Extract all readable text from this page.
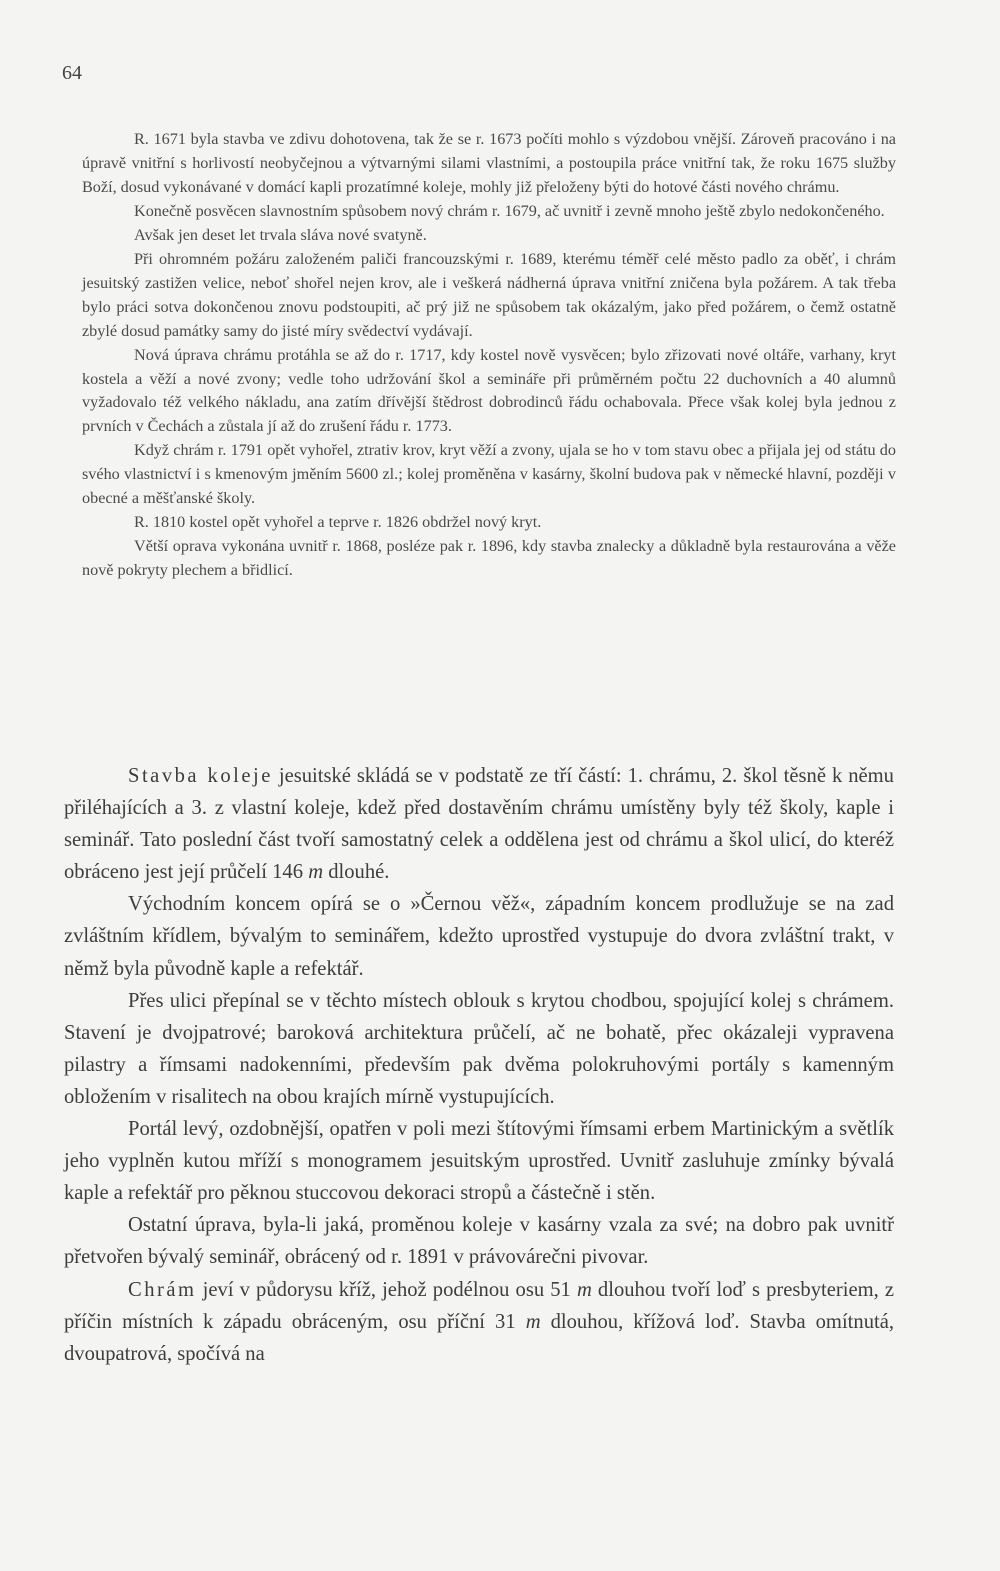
64

R. 1671 byla stavba ve zdivu dohotovena, tak že se r. 1673 počíti mohlo s výzdobou vnější. Zároveň pracováno i na úpravě vnitřní s horlivostí neobyčejnou a výtvarnými silami vlastními, a postoupila práce vnitřní tak, že roku 1675 služby Boží, dosud vykonávané v domácí kapli prozatímné koleje, mohly již přeloženy býti do hotové části nového chrámu.

Konečně posvěcen slavnostním spůsobem nový chrám r. 1679, ač uvnitř i zevně mnoho ještě zbylo nedokončeného.

Avšak jen deset let trvala sláva nové svatyně.

Při ohromném požáru založeném paliči francouzskými r. 1689, kterému téměř celé město padlo za oběť, i chrám jesuitský zastižen velice, neboť shořel nejen krov, ale i veškerá nádherná úprava vnitřní zničena byla požárem. A tak třeba bylo práci sotva dokončenou znovu podstoupiti, ač prý již ne spůsobem tak okázalým, jako před požárem, o čemž ostatně zbylé dosud památky samy do jisté míry svědectví vydávají.

Nová úprava chrámu protáhla se až do r. 1717, kdy kostel nově vysvěcen; bylo zřizovati nové oltáře, varhany, kryt kostela a věží a nové zvony; vedle toho udržování škol a semináře při průměrném počtu 22 duchovních a 40 alumnů vyžadovalo též velkého nákladu, ana zatím dřívější štědrost dobrodinců řádu ochabovala. Přece však kolej byla jednou z prvních v Čechách a zůstala jí až do zrušení řádu r. 1773.

Když chrám r. 1791 opět vyhořel, ztrativ krov, kryt věží a zvony, ujala se ho v tom stavu obec a přijala jej od státu do svého vlastnictví i s kmenovým jměním 5600 zl.; kolej proměněna v kasárny, školní budova pak v německé hlavní, později v obecné a měšťanské školy.

R. 1810 kostel opět vyhořel a teprve r. 1826 obdržel nový kryt.

Větší oprava vykonána uvnitř r. 1868, posléze pak r. 1896, kdy stavba znalecky a důkladně byla restaurována a věže nově pokryty plechem a břidlicí.

Stavba koleje jesuitské skládá se v podstatě ze tří částí: 1. chrámu, 2. škol těsně k němu přiléhajících a 3. z vlastní koleje, kdež před dostavěním chrámu umístěny byly též školy, kaple i seminář. Tato poslední část tvoří samostatný celek a oddělena jest od chrámu a škol ulicí, do kteréž obráceno jest její průčelí 146 m dlouhé.

Východním koncem opírá se o »Černou věž«, západním koncem prodlužuje se na zad zvláštním křídlem, bývalým to seminářem, kdežto uprostřed vystupuje do dvora zvláštní trakt, v němž byla původně kaple a refektář.

Přes ulici přepínal se v těchto místech oblouk s krytou chodbou, spojující kolej s chrámem. Stavení je dvojpatrové; baroková architektura průčelí, ač ne bohatě, přec okázaleji vypravena pilastry a římsami nadokenními, především pak dvěma polokruhovými portály s kamenným obložením v risalitech na obou krajích mírně vystupujících.

Portál levý, ozdobnější, opatřen v poli mezi štítovými římsami erbem Martinickým a světlík jeho vyplněn kutou mříží s monogramem jesuitským uprostřed. Uvnitř zasluhuje zmínky bývalá kaple a refektář pro pěknou stuccovou dekoraci stropů a částečně i stěn.

Ostatní úprava, byla-li jaká, proměnou koleje v kasárny vzala za své; na dobro pak uvnitř přetvořen bývalý seminář, obrácený od r. 1891 v právovárečni pivovar.

Chrám jeví v půdorysu kříž, jehož podélnou osu 51 m dlouhou tvoří loď s presbyteriem, z příčin místních k západu obráceným, osu příční 31 m dlouhou, křížová loď. Stavba omítnutá, dvoupatrová, spočívá na
